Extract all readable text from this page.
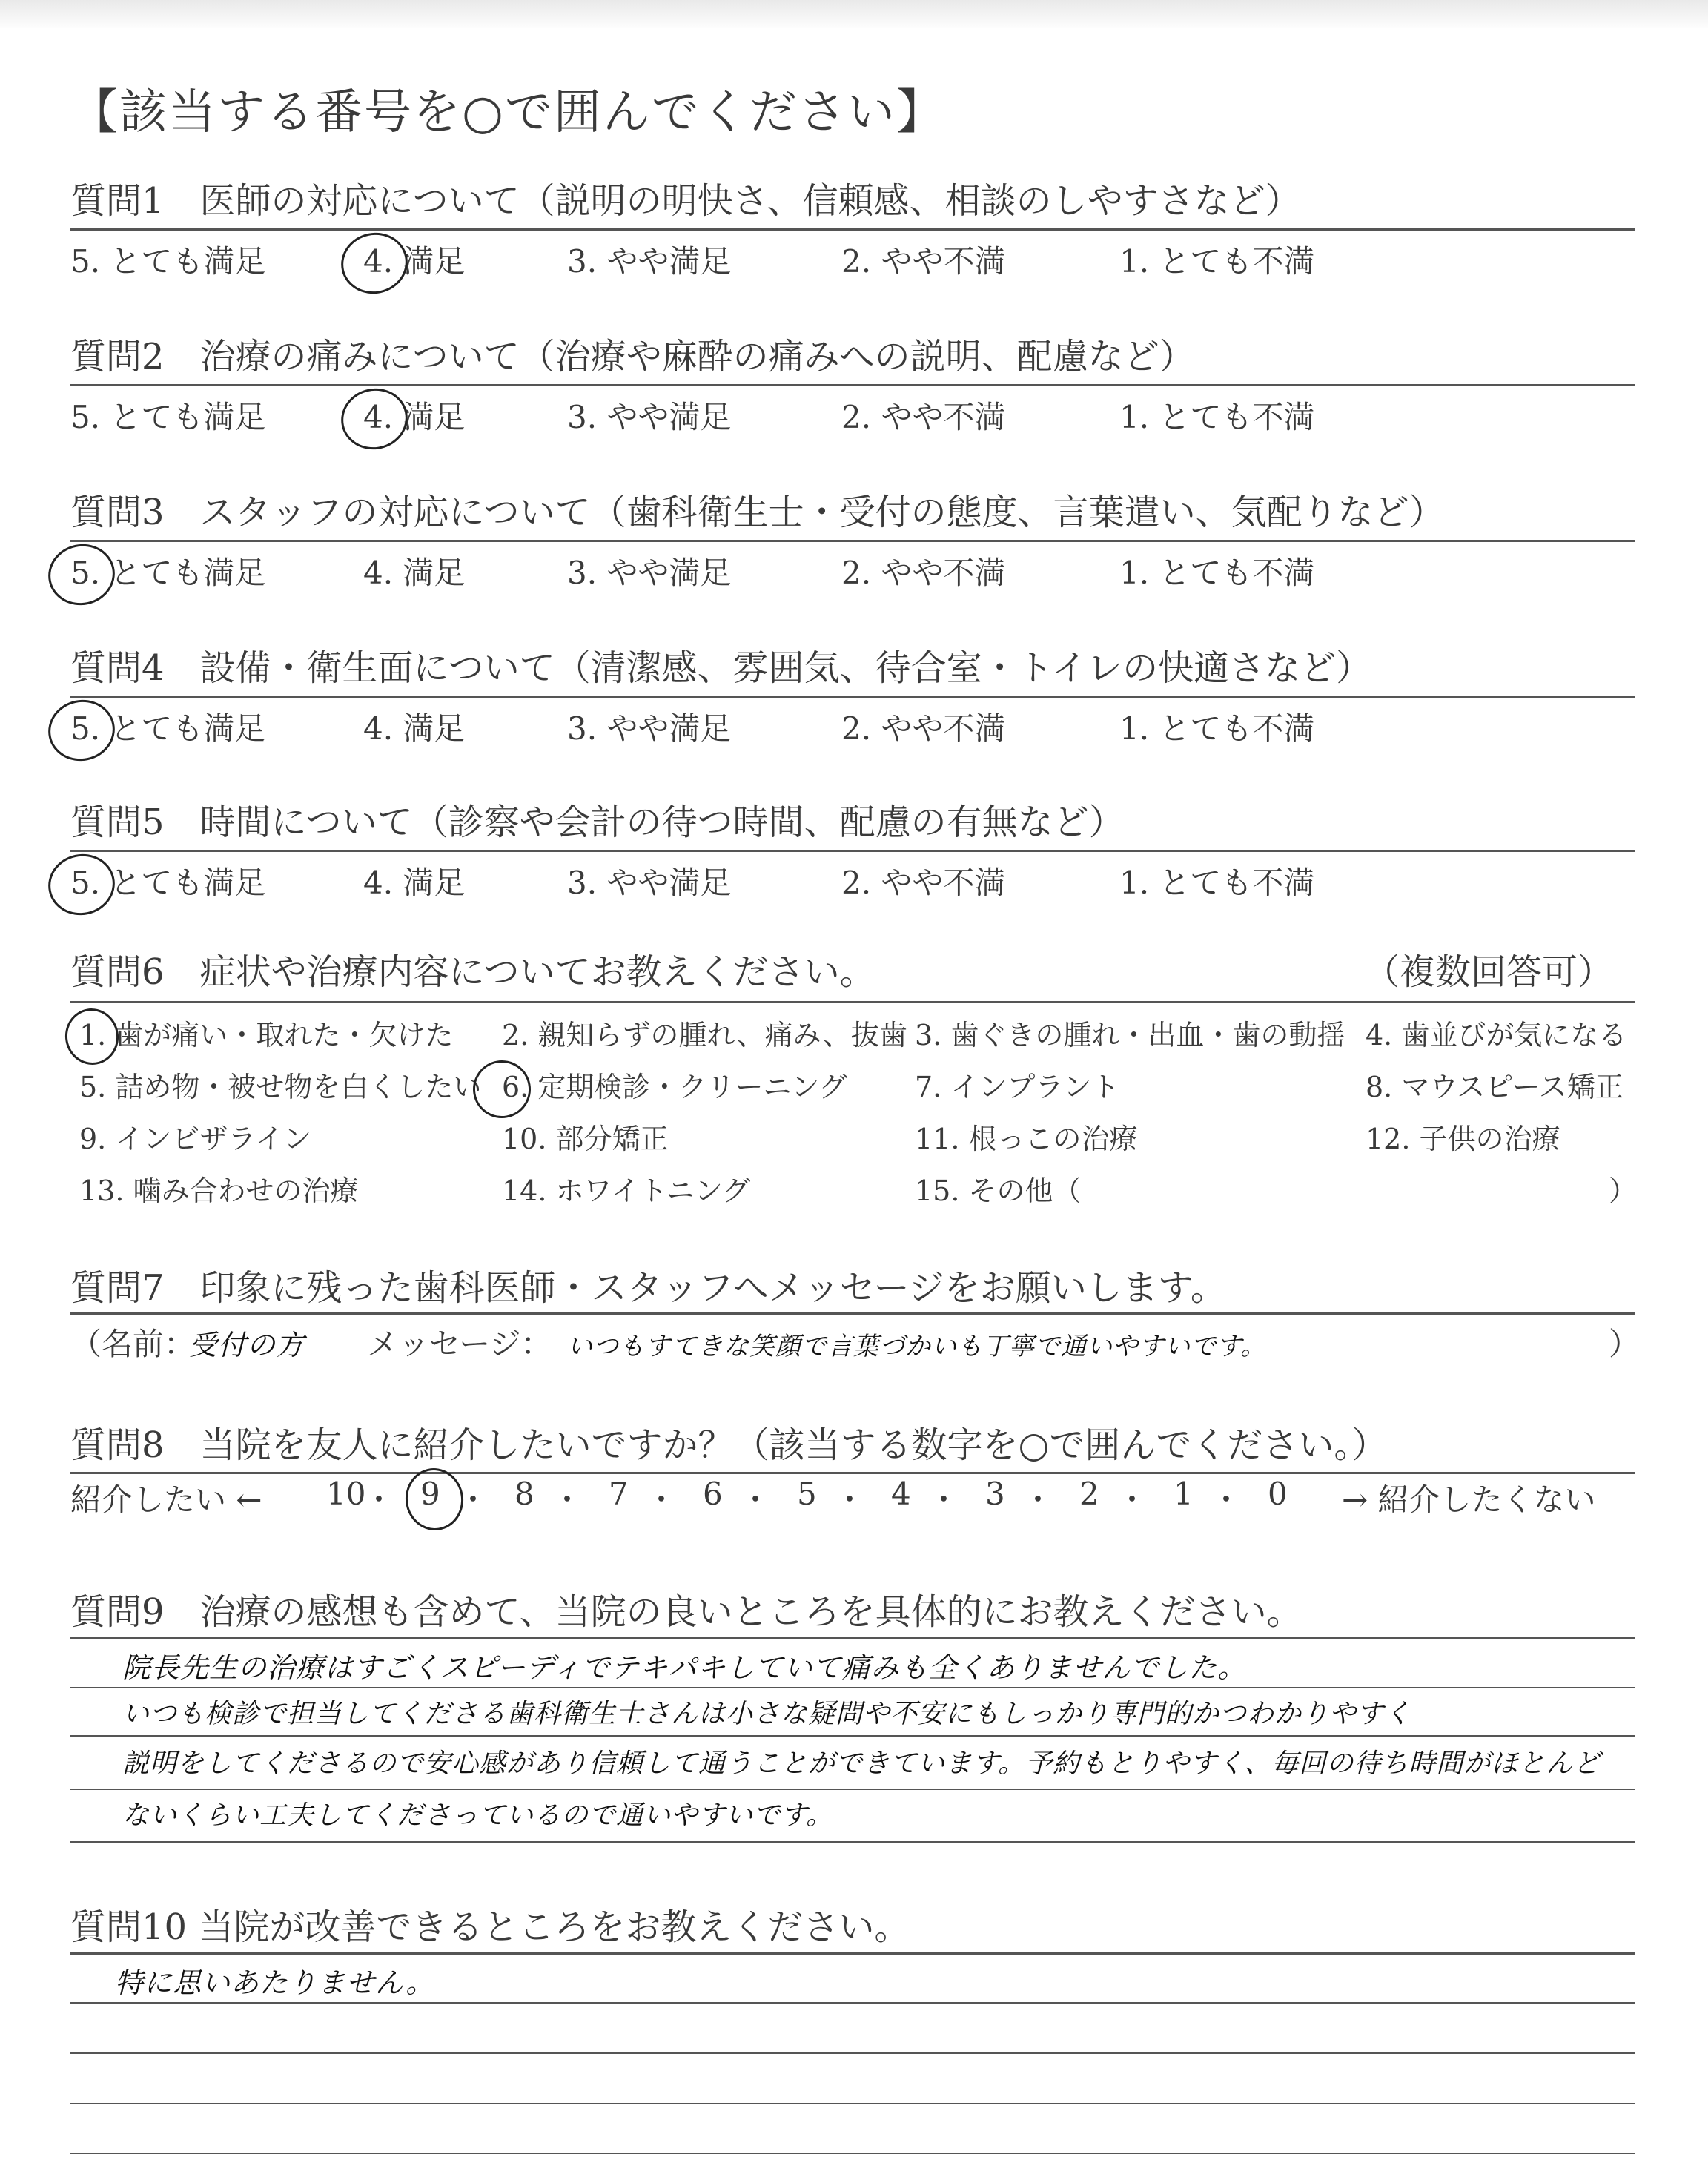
【該当する番号を○で囲んでください】
質問6　症状や治療内容についてお教えください。	（複数回答可）
質問7　印象に残った歯科医師・スタッフへメッセージをお願いします。
（名前：
受付の方 メッセージ： いつもすてきな笑顔で言葉づかいも丁寧で通いやすいです。	）
質問8　当院を友人に紹介したいですか？（該当する数字を○で囲んでください。）
紹介したい ←	→ 紹介したくない
質問9　治療の感想も含めて、当院の良いところを具体的にお教えください。
質問10 当院が改善できるところをお教えください。
質問1　医師の対応について（説明の明快さ、信頼感、相談のしやすさなど）
5. とても満足	4. 満足	3. やや満足	2. やや不満	1. とても不満
質問2　治療の痛みについて（治療や麻酔の痛みへの説明、配慮など）
5. とても満足	4. 満足	3. やや満足	2. やや不満	1. とても不満
質問3　スタッフの対応について（歯科衛生士・受付の態度、言葉遣い、気配りなど）
5. とても満足	4. 満足	3. やや満足	2. やや不満	1. とても不満
質問4　設備・衛生面について（清潔感、雰囲気、待合室・トイレの快適さなど）
5. とても満足	4. 満足	3. やや満足	2. やや不満	1. とても不満
質問5　時間について（診察や会計の待つ時間、配慮の有無など）
5. とても満足	4. 満足	3. やや満足	2. やや不満	1. とても不満
1. 歯が痛い・取れた・欠けた 2. 親知らずの腫れ、痛み、抜歯 3. 歯ぐきの腫れ・出血・歯の動揺 4. 歯並びが気になる
5. 詰め物・被せ物を白くしたい 6. 定期検診・クリーニング 7. インプラント	8. マウスピース矯正
9. インビザライン	10. 部分矯正	11. 根っこの治療	12. 子供の治療
13. 噛み合わせの治療	14. ホワイトニング	15. その他（	）
10
・ 9 ・ 8 ・ 7 ・ 6 ・ 5 ・ 4 ・ 3 ・ 2 ・ 1 ・ 0
院長先生の治療はすごくスピーディでテキパキしていて痛みも全くありませんでした。
いつも検診で担当してくださる歯科衛生士さんは小さな疑問や不安にもしっかり専門的かつわかりやすく
説明をしてくださるので安心感があり信頼して通うことができています。予約もとりやすく、毎回の待ち時間がほとんど
ないくらい工夫してくださっているので通いやすいです。
特に思いあたりません。
